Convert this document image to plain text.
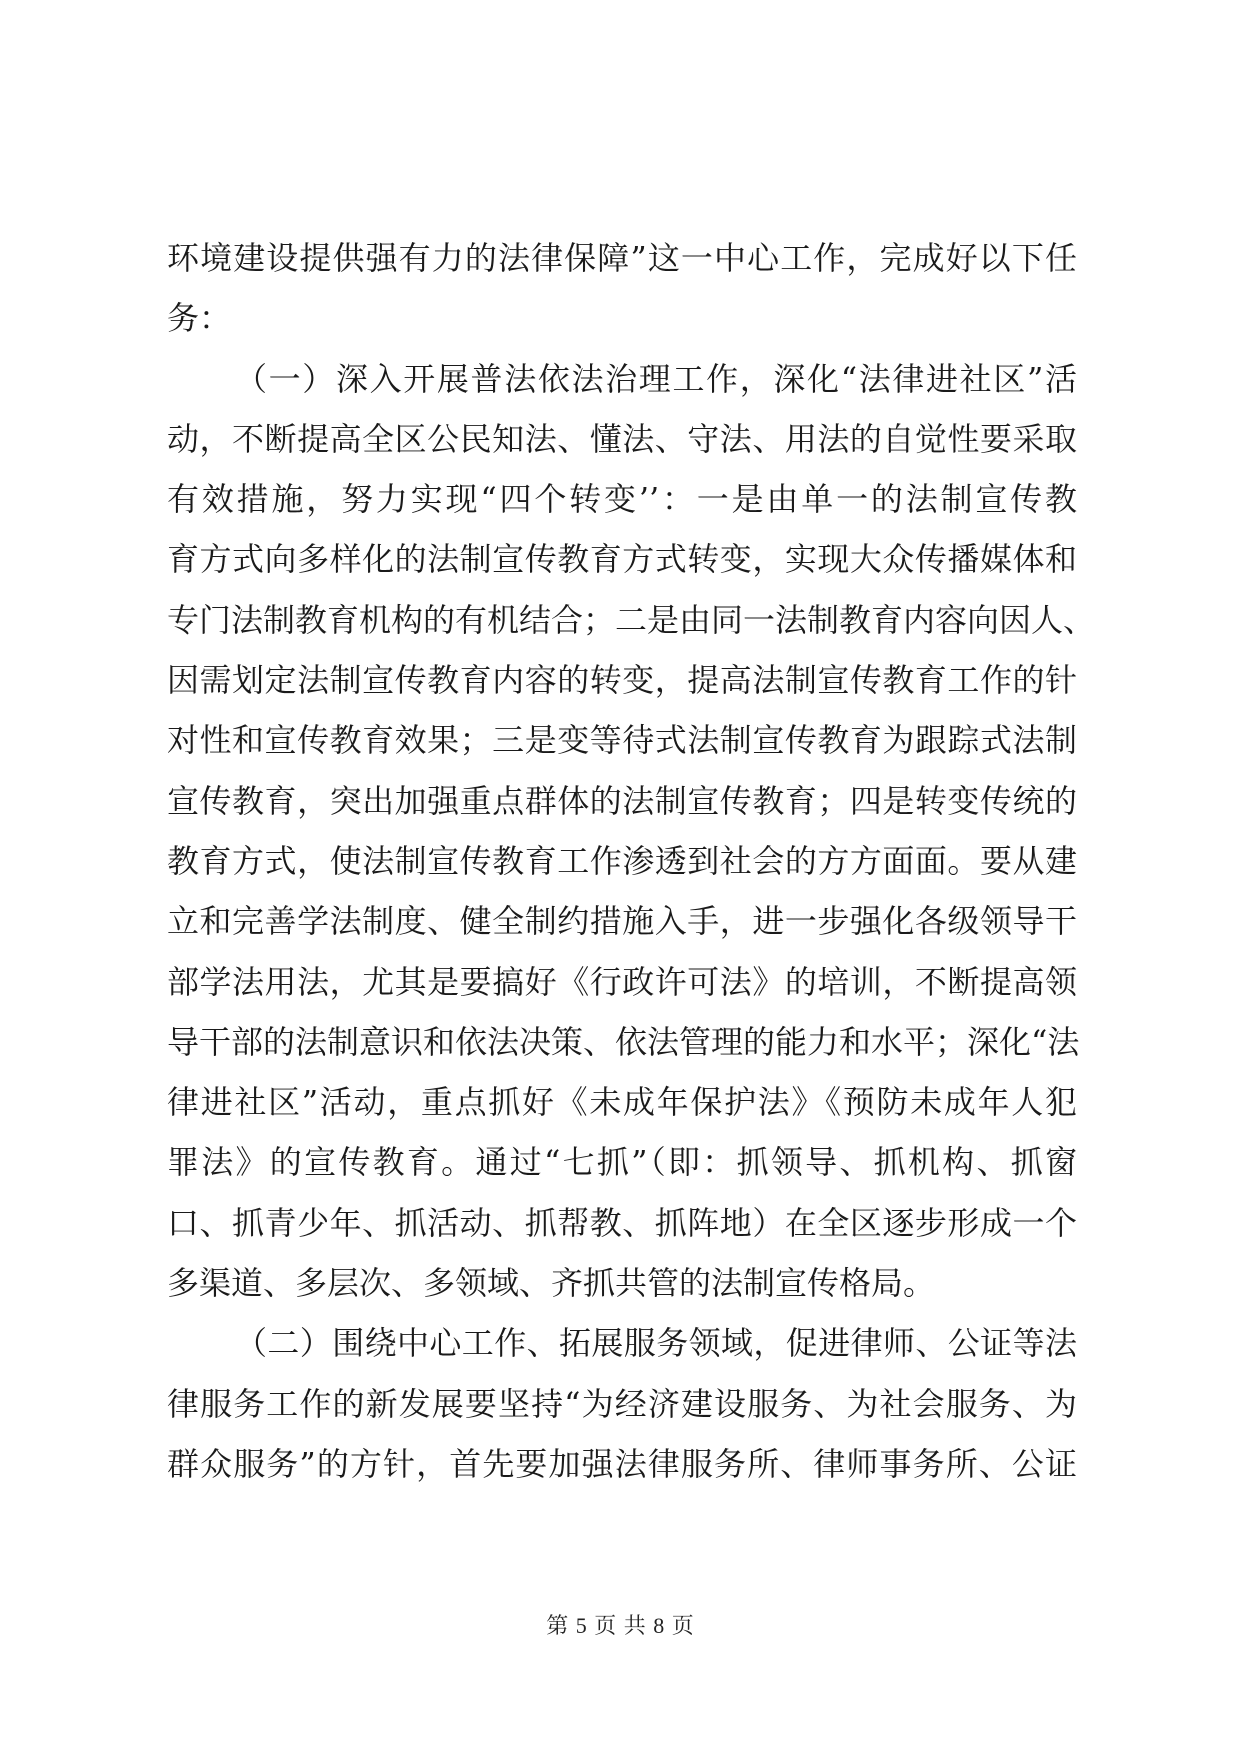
环境建设提供强有力的法律保障”这一中心工作，完成好以下任
务：
（一）深入开展普法依法治理工作，深化“法律进社区”活
动，不断提高全区公民知法、懂法、守法、用法的自觉性要采取
有效措施，努力实现“四个转变’’：一是由单一的法制宣传教
育方式向多样化的法制宣传教育方式转变，实现大众传播媒体和
专门法制教育机构的有机结合；二是由同一法制教育内容向因人、
因需划定法制宣传教育内容的转变，提高法制宣传教育工作的针
对性和宣传教育效果；三是变等待式法制宣传教育为跟踪式法制
宣传教育，突出加强重点群体的法制宣传教育；四是转变传统的
教育方式，使法制宣传教育工作渗透到社会的方方面面。要从建
立和完善学法制度、健全制约措施入手，进一步强化各级领导干
部学法用法，尤其是要搞好《行政许可法》的培训，不断提高领
导干部的法制意识和依法决策、依法管理的能力和水平；深化“法
律进社区”活动，重点抓好《未成年保护法》《预防未成年人犯
罪法》的宣传教育。通过“七抓”（即：抓领导、抓机构、抓窗
口、抓青少年、抓活动、抓帮教、抓阵地）在全区逐步形成一个
多渠道、多层次、多领域、齐抓共管的法制宣传格局。
（二）围绕中心工作、拓展服务领域，促进律师、公证等法
律服务工作的新发展要坚持“为经济建设服务、为社会服务、为
群众服务”的方针，首先要加强法律服务所、律师事务所、公证
第 5 页 共 8 页
